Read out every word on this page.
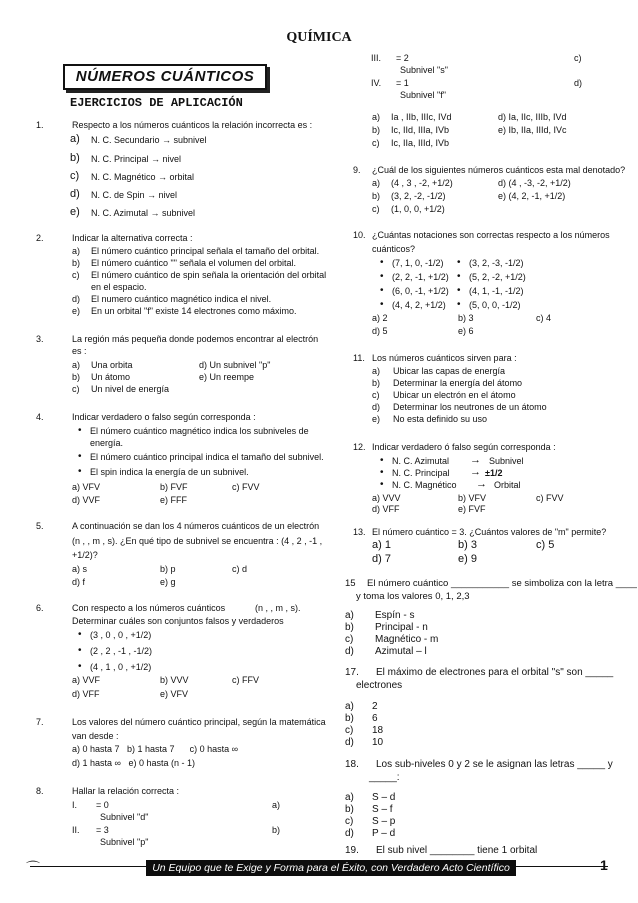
QUÍMICA
NÚMEROS CUÁNTICOS
EJERCICIOS DE APLICACIÓN
1.	Respecto a los números cuánticos la relación incorrecta es :
a) N. C. Secundario → subnivel
b) N. C. Principal → nivel
c) N. C. Magnético → orbital
d) N. C. de Spin → nivel
e) N. C. Azimutal → subnivel
2.	Indicar la alternativa correcta :
a) El número cuántico principal señala el tamaño del orbital.
b) El número cuántico "" señala el volumen del orbital.
c) El número cuántico de spin señala la orientación del orbital
en el espacio.
d) El numero cuántico magnético indica el nivel.
e) En un orbital "f" existe 14 electrones como máximo.
3.	La región más pequeña donde podemos encontrar al electrón
es :
a) Una orbita	d) Un subnivel "p"
b) Un átomo	e) Un reempe
c) Un nivel de energía
4.	Indicar verdadero o falso según corresponda :
• El número cuántico magnético indica los subniveles de
energía.
• El número cuántico principal indica el tamaño del subnivel.
• El spin indica la energía de un subnivel.
a) VFV	b) FVF	c) FVV
d) VVF	e) FFF
5.	A continuación se dan los 4 números cuánticos de un electrón
(n , , m , s). ¿En qué tipo de subnivel se encuentra : (4 , 2 , -1 ,
+1/2)?
a) s	b) p	c) d
d) f	e) g
6.	Con respecto a los números cuánticos	(n , , m , s).
Determinar cuáles son conjuntos falsos y verdaderos
• (3 , 0 , 0 , +1/2)
• (2 , 2 , -1 , -1/2)
• (4 , 1 , 0 , +1/2)
a) VVF	b) VVV	c) FFV
d) VFF	e) VFV
7.	Los valores del número cuántico principal, según la matemática
van desde :
a) 0 hasta 7   b) 1 hasta 7      c) 0 hasta ∞
d) 1 hasta ∞   e) 0 hasta (n - 1)
8.	Hallar la relación correcta :
I. = 0
Subnivel "d"
a)
II. = 3
Subnivel "p"
b)
III. = 2
Subnivel "s"
c)
IV. = 1
Subnivel "f"
d)
a) Ia , IIb, IIIc, IVd	d) Ia, IIc, IIIb, IVd
b) Ic, IId, IIIa, IVb	e) Ib, IIa, IIId, IVc
c) Ic, IIa, IIId, IVb
9. ¿Cuál de los siguientes números cuánticos esta mal denotado?
a) (4 , 3 , -2, +1/2)	d) (4 , -3, -2, +1/2)
b) (3, 2, -2, -1/2)	e) (4, 2, -1, +1/2)
c) (1, 0, 0, +1/2)
10. ¿Cuántas notaciones son correctas respecto a los números
cuánticos?
• (7, 1, 0, -1/2)
• (2, 2, -1, +1/2)
• (6, 0, -1, +1/2)
• (4, 4, 2, +1/2)
• (3, 2, -3, -1/2)
• (5, 2, -2, +1/2)
• (4, 1, -1, -1/2)
• (5, 0, 0, -1/2)
a) 2	b) 3	c) 4
d) 5	e) 6
11. Los números cuánticos sirven para :
a) Ubicar las capas de energía
b) Determinar la energía del átomo
c) Ubicar un electrón en el átomo
d) Determinar los neutrones de un átomo
e) No esta definido su uso
12. Indicar verdadero ó falso según corresponda :
• N. C. Azimutal → Subnivel
• N. C. Principal → ±1/2
• N. C. Magnético → Orbital
a) VVV	b) VFV	c) FVV
d) VFF	e) FVF
13. El número cuántico = 3. ¿Cuántos valores de "m" permite?
a) 1	b) 3	c) 5
d) 7	e) 9
15 El número cuántico ___________ se simboliza con la letra ____
y toma los valores 0, 1, 2,3
a) Espín - s
b) Principal - n
c) Magnético - m
d) Azimutal – l
17. El máximo de electrones para el orbital "s" son _____
electrones
a) 2
b) 6
c) 18
d) 10
18. Los sub-niveles 0 y 2 se le asignan las letras _____ y
_____:
a) S – d
b) S – f
c) S – p
d) P – d
19. El sub nivel ________ tiene 1 orbital
⌒	Un Equipo que te Exige y Forma para el Éxito, con Verdadero Acto Científico	1
